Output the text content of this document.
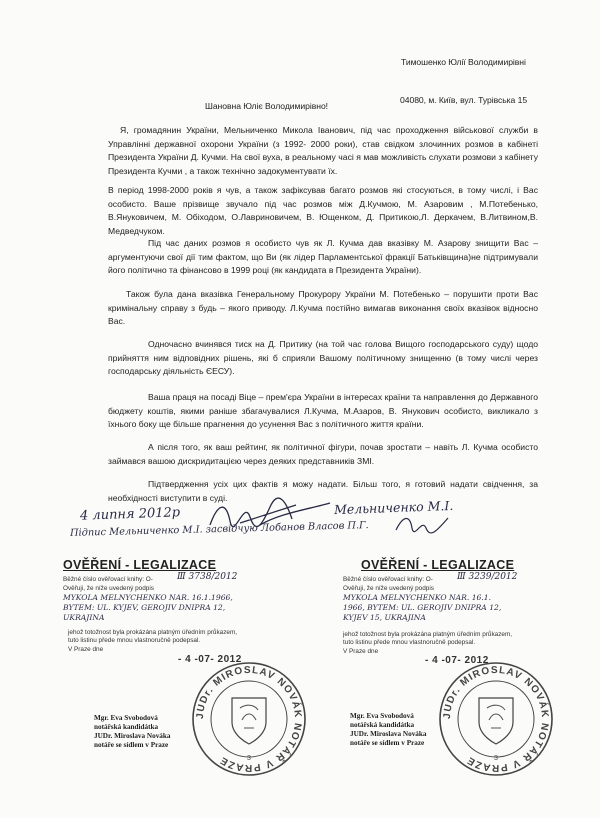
Тимошенко Юлії Володимирівні
04080, м. Київ, вул. Турівська 15
Шановна Юліє Володимирівно!
Я, громадянин України, Мельниченко Микола Іванович, під час проходження військової служби в Управлінні державної охорони України (з 1992- 2000 роки), став свідком злочинних розмов в кабінеті Президента України Д. Кучми. На свої вуха, в реальному часі я мав можливість слухати розмови з кабінету Президента Кучми , а також технічно задокументувати їх.
В період 1998-2000 років я чув, а також зафіксував багато розмов які стосуються, в тому числі, і Вас особисто. Ваше прізвище звучало під час розмов між Д.Кучмою, М. Азаровим , М.Потебенько, В.Януковичем, М. Обіходом, О.Лавриновичем, В. Ющенком, Д. Притикою,Л. Деркачем, В.Литвином,В. Медведчуком.
Під час даних розмов я особисто чув як Л. Кучма дав вказівку М. Азарову знищити Вас – аргументуючи свої дії тим фактом, що Ви (як лідер Парламентської фракції Батьківщина)не підтримували його політично та фінансово в 1999 році (як кандидата в Президента України).
Також була дана вказівка Генеральному Прокурору України М. Потебенько – порушити проти Вас кримінальну справу з будь – якого приводу. Л.Кучма постійно вимагав виконання своїх вказівок відносно Вас.
Одночасно вчинявся тиск на Д. Притику (на той час голова Вищого господарського суду) щодо прийняття ним відповідних рішень, які б сприяли Вашому політичному знищенню (в тому числі через господарську діяльність ЄЕСУ).
Ваша праця на посаді Віце – прем'єра України в інтересах країни та направлення до Державного бюджету коштів, якими раніше збагачувалися Л.Кучма, М.Азаров, В. Янукович особисто, викликало з їхнього боку ще більше прагнення до усунення Вас з політичного життя країни.
А після того, як ваш рейтинг, як політичної фігури, почав зростати – навіть Л. Кучма особисто займався вашою дискридитацією через деяких представників ЗМІ.
Підтвердження усіх цих фактів я можу надати. Більш того, я готовий надати свідчення, за необхідності виступити в суді.
4 липня 2012р	Мельниченко М.І.
Підпис Мельниченко М.І. засвідчую Лобанов Власов П.Г.
OVĚŘENÍ - LEGALIZACE
Běžné číslo ověřovací knihy: O-	Ⅲ 3738/2012
Ověřuji, že níže uvedený podpis
MYKOLA MELNYCHENKO NAR. 16.1.1966,
BYTEM: UL. KYJEV, GEROJIV DNIPRA 12,
UKRAJINA
jehož totožnost byla prokázána platným úředním průkazem,
tuto listinu přede mnou vlastnoručně podepsal.
V Praze dne
- 4 -07- 2012
Mgr. Eva Svobodová
notářská kandidátka
JUDr. Miroslava Nováka
notáře se sídlem v Praze
JUDr. MIROSLAV NOVÁK NOTÁŘ V PRAZE	3
OVĚŘENÍ - LEGALIZACE
Běžné číslo ověřovací knihy: O-	Ⅲ 3239/2012
Ověřuji, že níže uvedený podpis
MYKOLA MELNYCHENKO NAR. 16.1.
1966, BYTEM: UL. GEROJIV DNIPRA 12,
KYJEV 15, UKRAJINA
jehož totožnost byla prokázána platným úředním průkazem,
tuto listinu přede mnou vlastnoručně podepsal.
V Praze dne
- 4 -07- 2012
Mgr. Eva Svobodová
notářská kandidátka
JUDr. Miroslava Nováka
notáře se sídlem v Praze
JUDr. MIROSLAV NOVÁK NOTÁŘ V PRAZE	3
